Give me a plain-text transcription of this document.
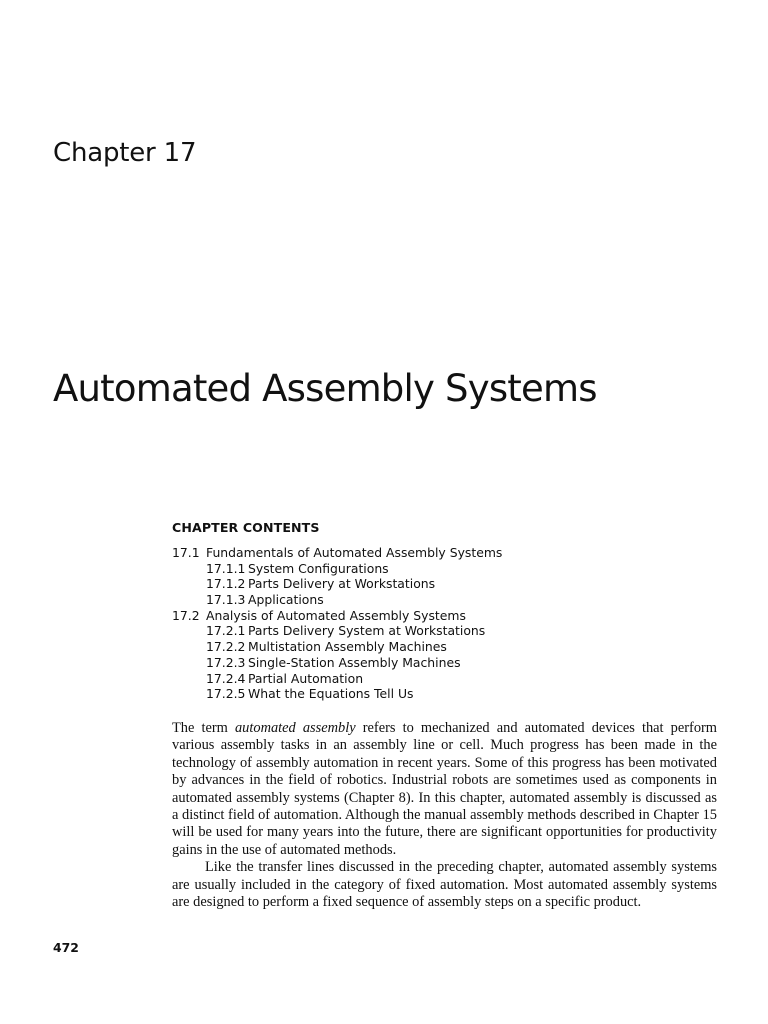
Chapter 17
Automated Assembly Systems
CHAPTER CONTENTS
17.1 Fundamentals of Automated Assembly Systems
17.1.1 System Configurations
17.1.2 Parts Delivery at Workstations
17.1.3 Applications
17.2 Analysis of Automated Assembly Systems
17.2.1 Parts Delivery System at Workstations
17.2.2 Multistation Assembly Machines
17.2.3 Single-Station Assembly Machines
17.2.4 Partial Automation
17.2.5 What the Equations Tell Us

The term automated assembly refers to mechanized and automated devices that perform various assembly tasks in an assembly line or cell. Much progress has been made in the technology of assembly automation in recent years. Some of this progress has been motivated by advances in the field of robotics. Industrial robots are sometimes used as components in automated assembly systems (Chapter 8). In this chapter, automated assembly is discussed as a distinct field of automation. Although the manual assembly methods described in Chapter 15 will be used for many years into the future, there are significant opportunities for productivity gains in the use of automated methods.

Like the transfer lines discussed in the preceding chapter, automated assembly systems are usually included in the category of fixed automation. Most automated assembly systems are designed to perform a fixed sequence of assembly steps on a specific product.

472
